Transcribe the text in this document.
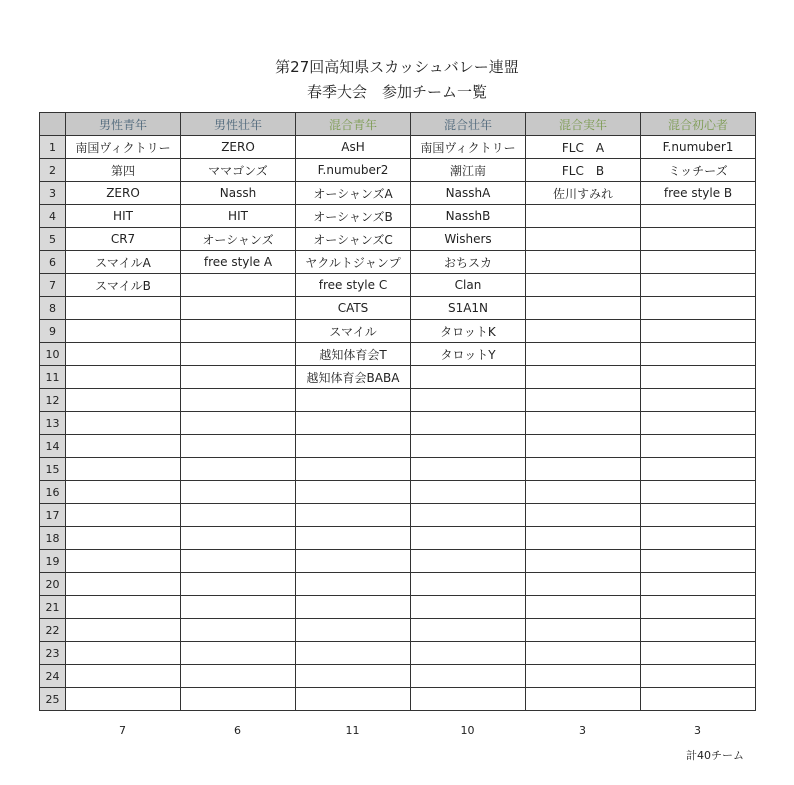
第27回高知県スカッシュバレー連盟
春季大会　参加チーム一覧
	男性青年	男性壮年	混合青年	混合壮年	混合実年	混合初心者
1	南国ヴィクトリー	ZERO	AsH	南国ヴィクトリー	FLC　A	F.numuber1
2	第四	ママゴンズ	F.numuber2	潮江南	FLC　B	ミッチーズ
3	ZERO	Nassh	オーシャンズA	NasshA	佐川すみれ	free style B
4	HIT	HIT	オーシャンズB	NasshB		
5	CR7	オーシャンズ	オーシャンズC	Wishers		
6	スマイルA	free style A	ヤクルトジャンプ	おちスカ		
7	スマイルB		free style C	Clan		
8			CATS	S1A1N		
9			スマイル	タロットK		
10			越知体育会T	タロットY		
11			越知体育会BABA			
12						
13						
14						
15						
16						
17						
18						
19						
20						
21						
22						
23						
24						
25						
7	6	11	10	3	3
計40チーム
